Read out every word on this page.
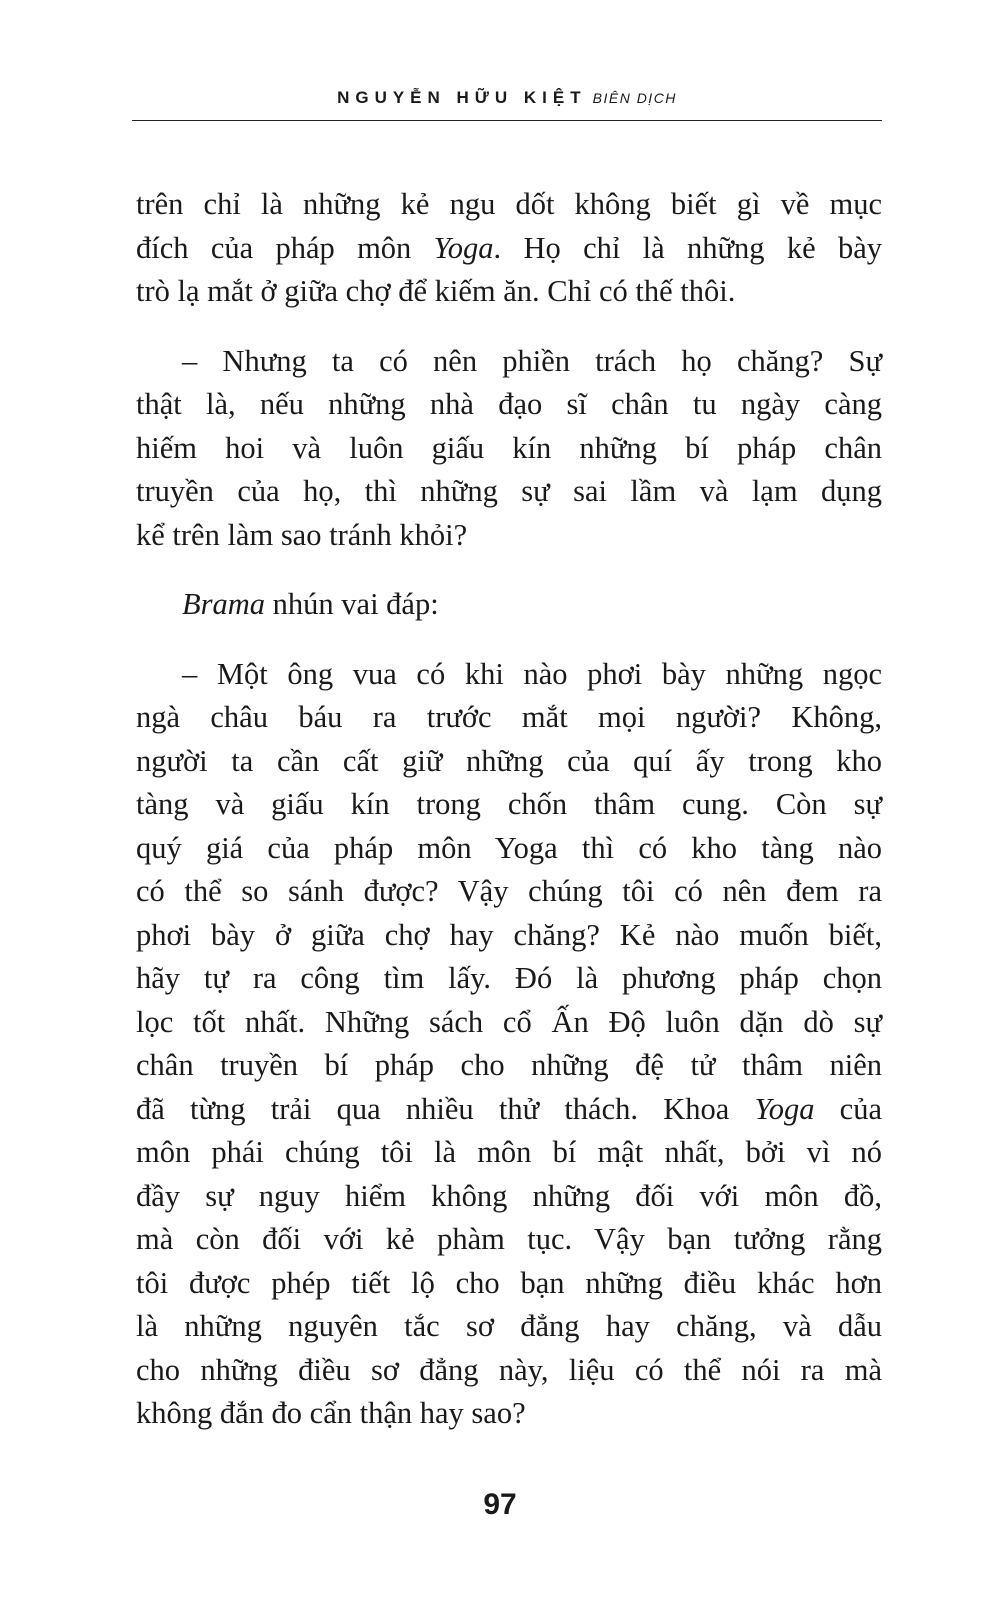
NGUYỄN HỮU KIỆT BIÊN DỊCH

trên chỉ là những kẻ ngu dốt không biết gì về mục
đích của pháp môn Yoga. Họ chỉ là những kẻ bày
trò lạ mắt ở giữa chợ để kiếm ăn. Chỉ có thế thôi.

– Nhưng ta có nên phiền trách họ chăng? Sự
thật là, nếu những nhà đạo sĩ chân tu ngày càng
hiếm hoi và luôn giấu kín những bí pháp chân
truyền của họ, thì những sự sai lầm và lạm dụng
kể trên làm sao tránh khỏi?

Brama nhún vai đáp:

– Một ông vua có khi nào phơi bày những ngọc
ngà châu báu ra trước mắt mọi người? Không,
người ta cần cất giữ những của quí ấy trong kho
tàng và giấu kín trong chốn thâm cung. Còn sự
quý giá của pháp môn Yoga thì có kho tàng nào
có thể so sánh được? Vậy chúng tôi có nên đem ra
phơi bày ở giữa chợ hay chăng? Kẻ nào muốn biết,
hãy tự ra công tìm lấy. Đó là phương pháp chọn
lọc tốt nhất. Những sách cổ Ấn Độ luôn dặn dò sự
chân truyền bí pháp cho những đệ tử thâm niên
đã từng trải qua nhiều thử thách. Khoa Yoga của
môn phái chúng tôi là môn bí mật nhất, bởi vì nó
đầy sự nguy hiểm không những đối với môn đồ,
mà còn đối với kẻ phàm tục. Vậy bạn tưởng rằng
tôi được phép tiết lộ cho bạn những điều khác hơn
là những nguyên tắc sơ đẳng hay chăng, và dẫu
cho những điều sơ đẳng này, liệu có thể nói ra mà
không đắn đo cẩn thận hay sao?

97
